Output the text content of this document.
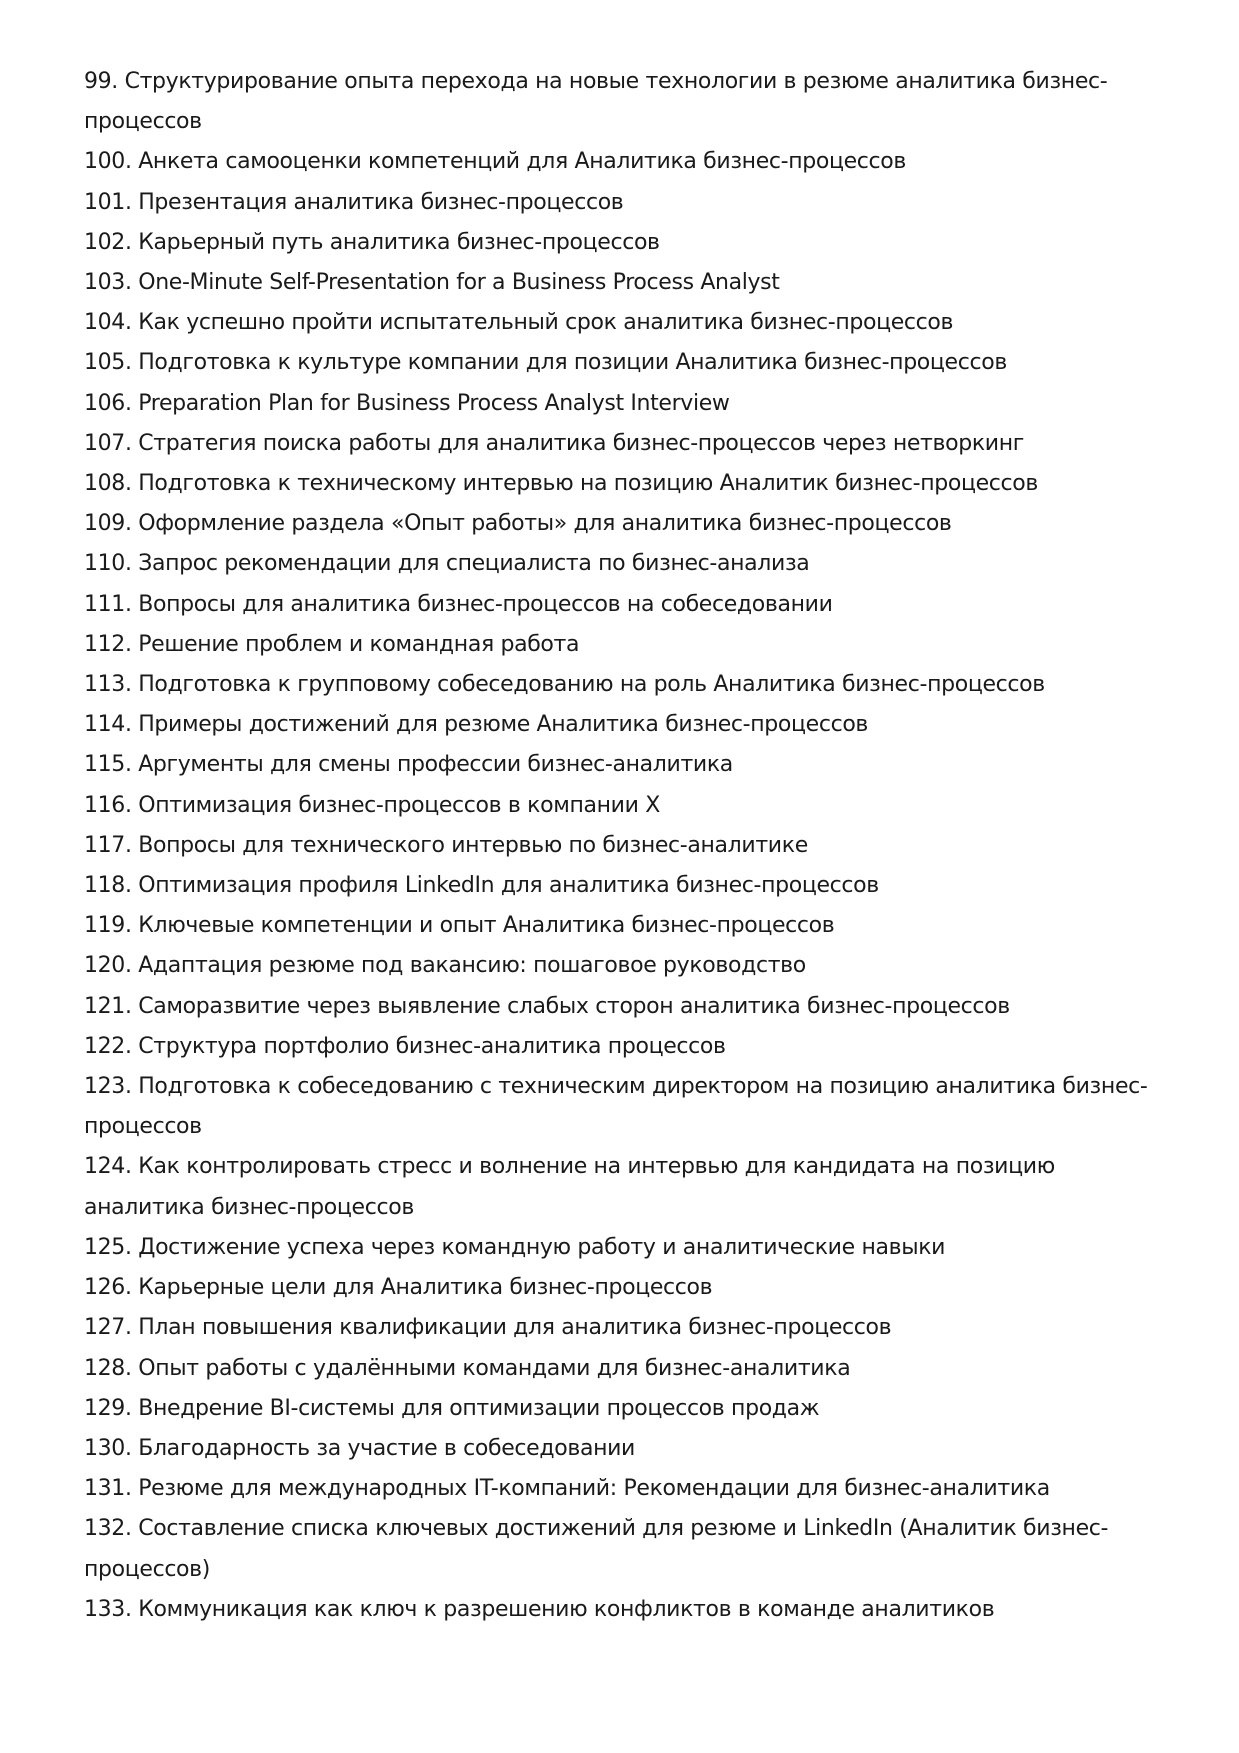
99. Структурирование опыта перехода на новые технологии в резюме аналитика бизнес-процессов
100. Анкета самооценки компетенций для Аналитика бизнес-процессов
101. Презентация аналитика бизнес-процессов
102. Карьерный путь аналитика бизнес-процессов
103. One-Minute Self-Presentation for a Business Process Analyst
104. Как успешно пройти испытательный срок аналитика бизнес-процессов
105. Подготовка к культуре компании для позиции Аналитика бизнес-процессов
106. Preparation Plan for Business Process Analyst Interview
107. Стратегия поиска работы для аналитика бизнес-процессов через нетворкинг
108. Подготовка к техническому интервью на позицию Аналитик бизнес-процессов
109. Оформление раздела «Опыт работы» для аналитика бизнес-процессов
110. Запрос рекомендации для специалиста по бизнес-анализа
111. Вопросы для аналитика бизнес-процессов на собеседовании
112. Решение проблем и командная работа
113. Подготовка к групповому собеседованию на роль Аналитика бизнес-процессов
114. Примеры достижений для резюме Аналитика бизнес-процессов
115. Аргументы для смены профессии бизнес-аналитика
116. Оптимизация бизнес-процессов в компании X
117. Вопросы для технического интервью по бизнес-аналитике
118. Оптимизация профиля LinkedIn для аналитика бизнес-процессов
119. Ключевые компетенции и опыт Аналитика бизнес-процессов
120. Адаптация резюме под вакансию: пошаговое руководство
121. Саморазвитие через выявление слабых сторон аналитика бизнес-процессов
122. Структура портфолио бизнес-аналитика процессов
123. Подготовка к собеседованию с техническим директором на позицию аналитика бизнес-процессов
124. Как контролировать стресс и волнение на интервью для кандидата на позицию аналитика бизнес-процессов
125. Достижение успеха через командную работу и аналитические навыки
126. Карьерные цели для Аналитика бизнес-процессов
127. План повышения квалификации для аналитика бизнес-процессов
128. Опыт работы с удалёнными командами для бизнес-аналитика
129. Внедрение BI-системы для оптимизации процессов продаж
130. Благодарность за участие в собеседовании
131. Резюме для международных IT-компаний: Рекомендации для бизнес-аналитика
132. Составление списка ключевых достижений для резюме и LinkedIn (Аналитик бизнес-процессов)
133. Коммуникация как ключ к разрешению конфликтов в команде аналитиков
